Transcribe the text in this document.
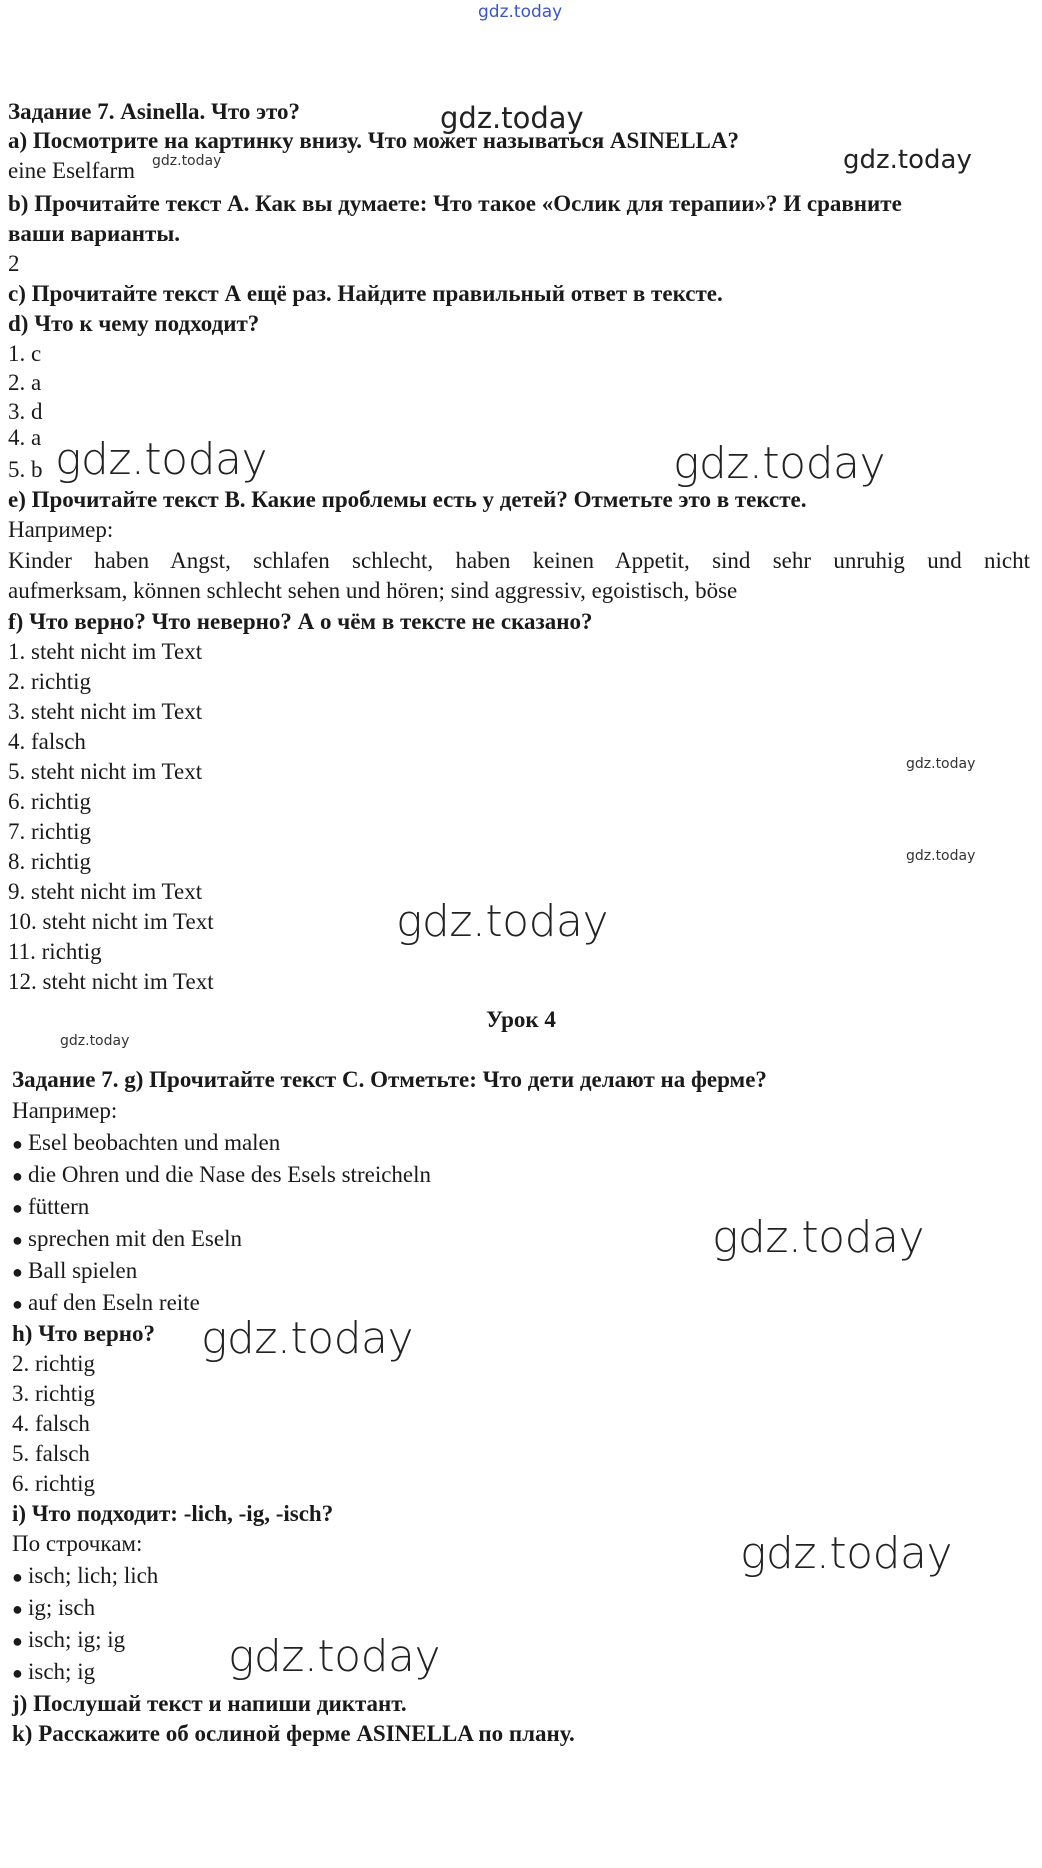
gdz.today
Задание 7. Asinella. Что это?
a) Посмотрите на картинку внизу. Что может называться ASINELLA?
eine Eselfarm
b) Прочитайте текст А. Как вы думаете: Что такое «Ослик для терапии»? И сравните
ваши варианты.
2
c) Прочитайте текст А ещё раз. Найдите правильный ответ в тексте.
d) Что к чему подходит?
1. c
2. a
3. d
4. a
5. b
e) Прочитайте текст В. Какие проблемы есть у детей? Отметьте это в тексте.
Например:
Kinder haben Angst, schlafen schlecht, haben keinen Appetit, sind sehr unruhig und nicht
aufmerksam, können schlecht sehen und hören; sind aggressiv, egoistisch, böse
f) Что верно? Что неверно? А о чём в тексте не сказано?
1. steht nicht im Text
2. richtig
3. steht nicht im Text
4. falsch
5. steht nicht im Text
6. richtig
7. richtig
8. richtig
9. steht nicht im Text
10. steht nicht im Text
11. richtig
12. steht nicht im Text
Урок 4
Задание 7. g) Прочитайте текст С. Отметьте: Что дети делают на ферме?
Например:
● Esel beobachten und malen
● die Ohren und die Nase des Esels streicheln
● füttern
● sprechen mit den Eseln
● Ball spielen
● auf den Eseln reite
h) Что верно?
2. richtig
3. richtig
4. falsch
5. falsch
6. richtig
i) Что подходит: -lich, -ig, -isch?
По строчкам:
● isch; lich; lich
● ig; isch
● isch; ig; ig
● isch; ig
j) Послушай текст и напиши диктант.
k) Расскажите об ослиной ферме ASINELLA по плану.
gdz.today
gdz.today
gdz.today
gdz.today	gdz.today
gdz.today
gdz.today
gdz.today
gdz.today
gdz.today
gdz.today
gdz.today
gdz.today
